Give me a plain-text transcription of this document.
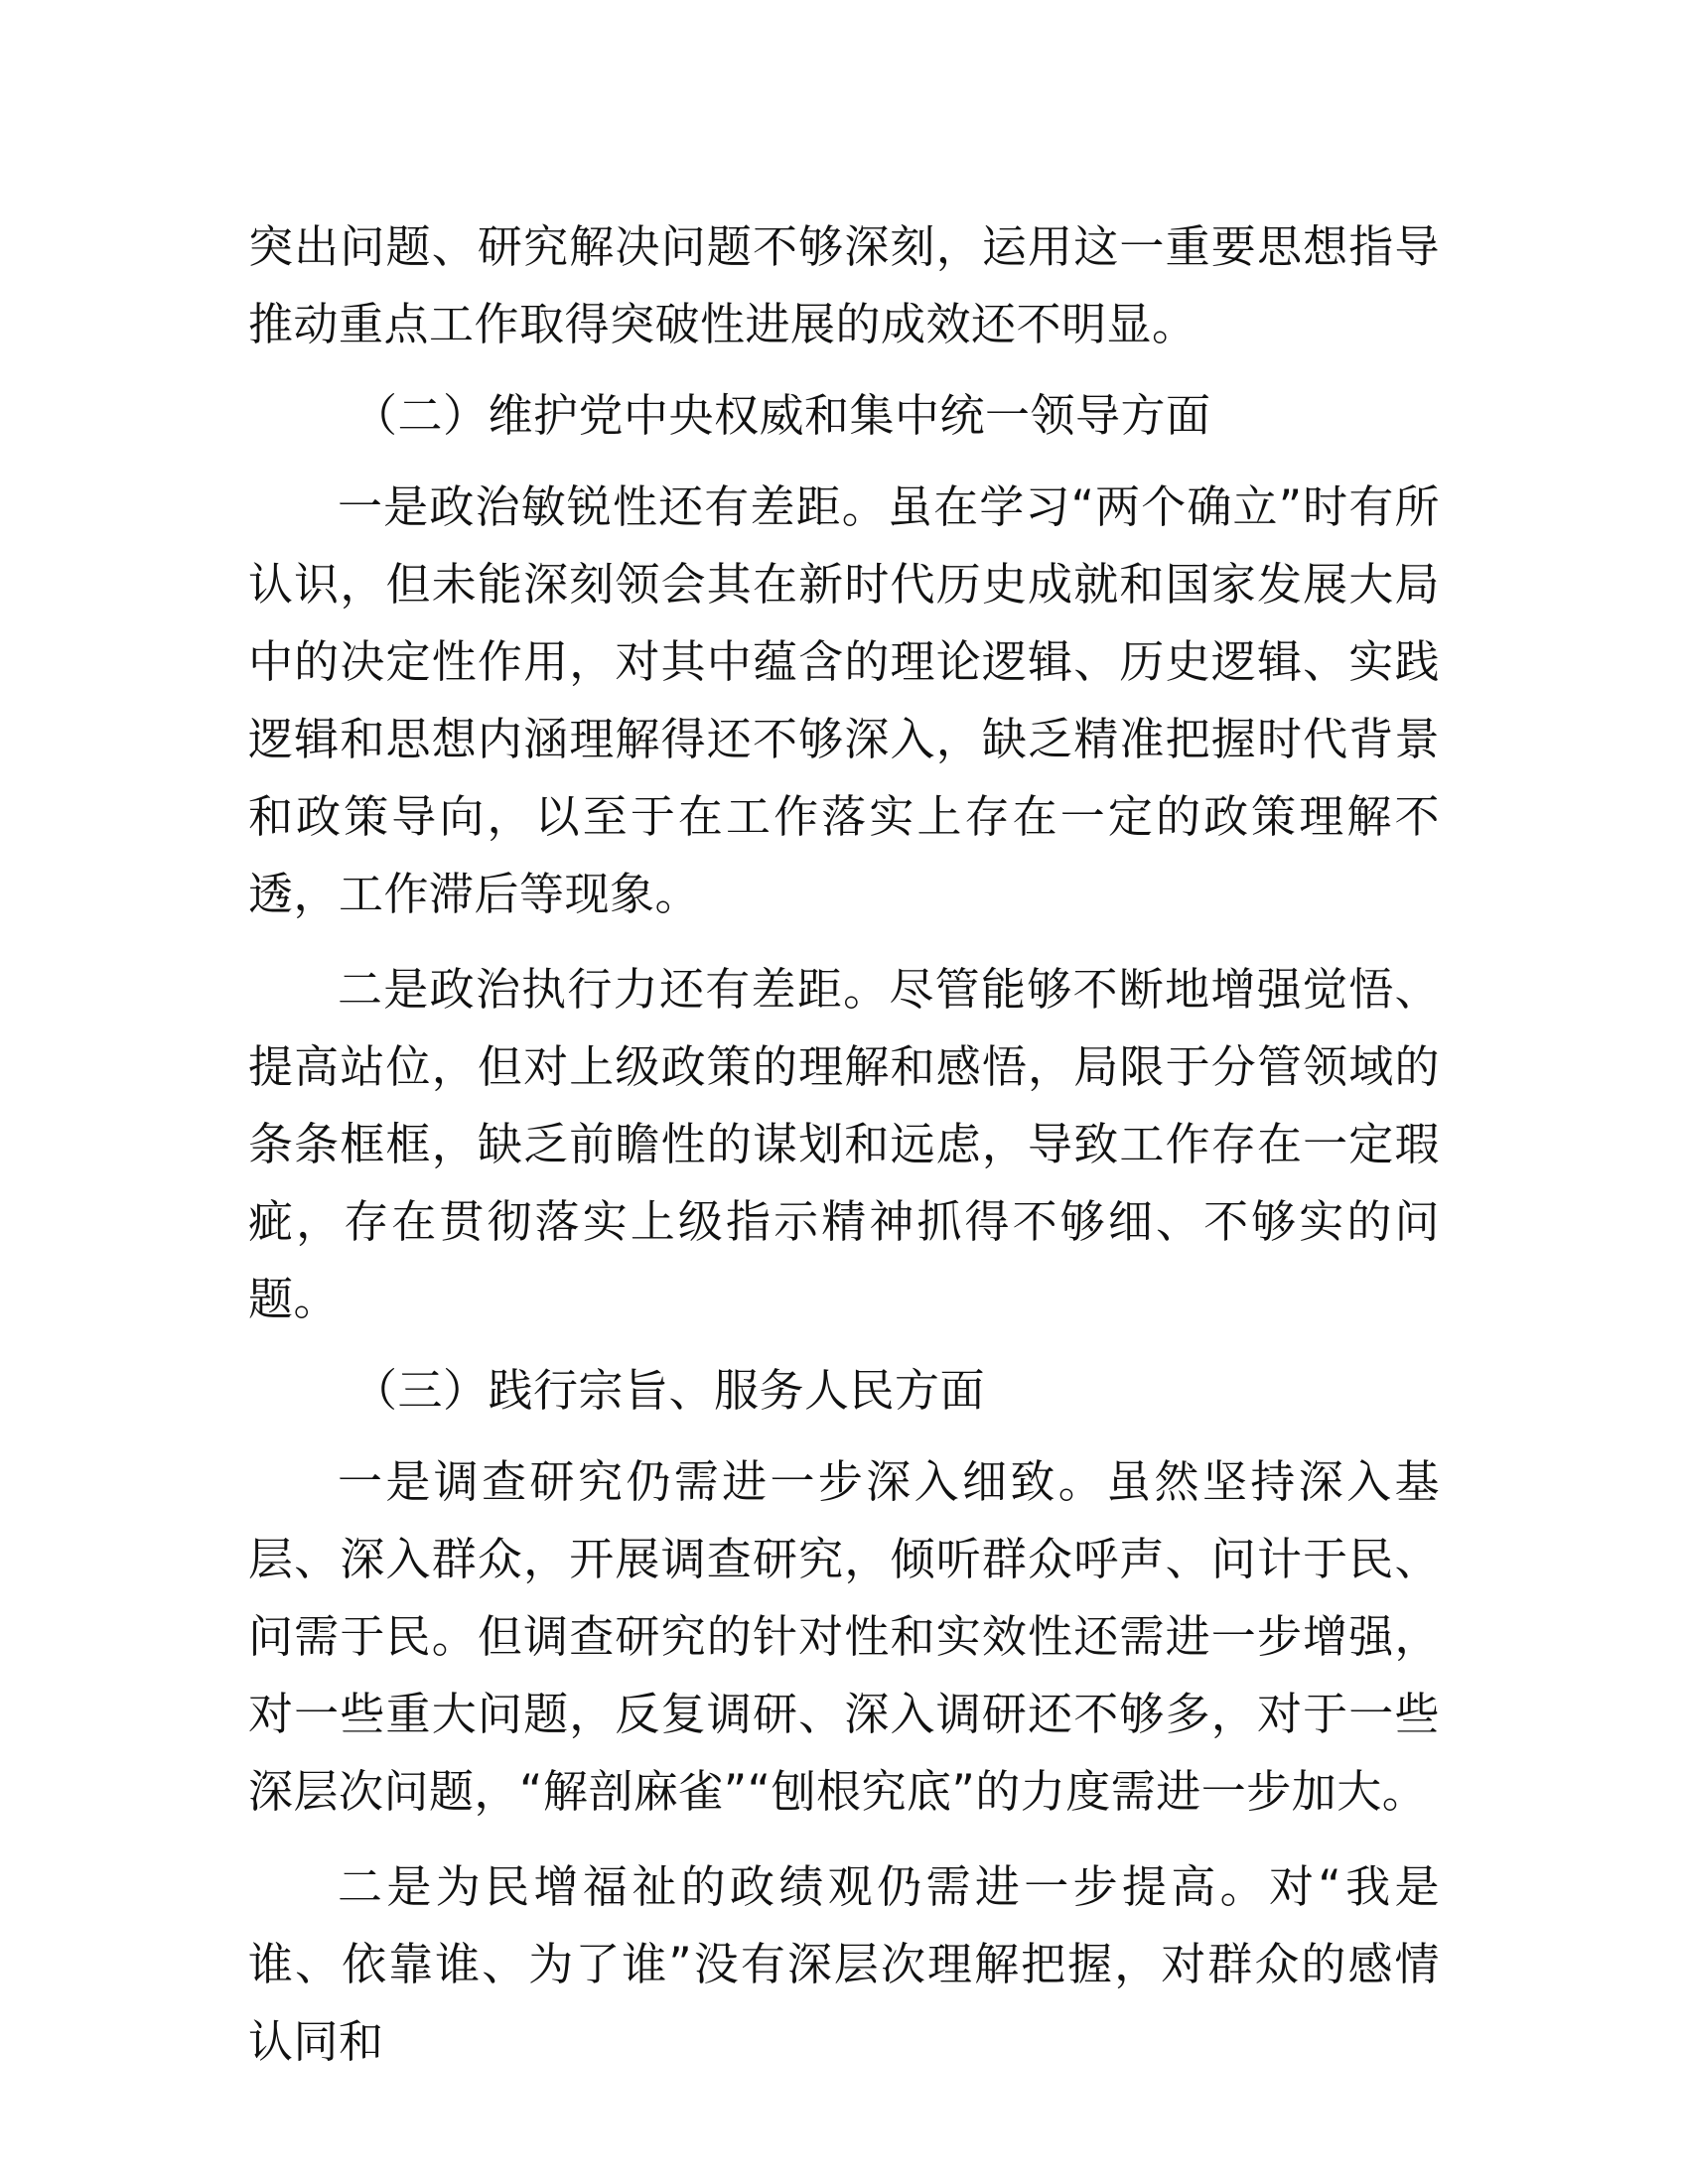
突出问题、研究解决问题不够深刻，运用这一重要思想指导推动重点工作取得突破性进展的成效还不明显。

（二）维护党中央权威和集中统一领导方面

一是政治敏锐性还有差距。虽在学习“两个确立”时有所认识，但未能深刻领会其在新时代历史成就和国家发展大局中的决定性作用，对其中蕴含的理论逻辑、历史逻辑、实践逻辑和思想内涵理解得还不够深入，缺乏精准把握时代背景和政策导向，以至于在工作落实上存在一定的政策理解不透，工作滞后等现象。

二是政治执行力还有差距。尽管能够不断地增强觉悟、提高站位，但对上级政策的理解和感悟，局限于分管领域的条条框框，缺乏前瞻性的谋划和远虑，导致工作存在一定瑕疵，存在贯彻落实上级指示精神抓得不够细、不够实的问题。

（三）践行宗旨、服务人民方面

一是调查研究仍需进一步深入细致。虽然坚持深入基层、深入群众，开展调查研究，倾听群众呼声、问计于民、问需于民。但调查研究的针对性和实效性还需进一步增强，对一些重大问题，反复调研、深入调研还不够多，对于一些深层次问题，“解剖麻雀”“刨根究底”的力度需进一步加大。

二是为民增福祉的政绩观仍需进一步提高。对“我是谁、依靠谁、为了谁”没有深层次理解把握，对群众的感情认同和
